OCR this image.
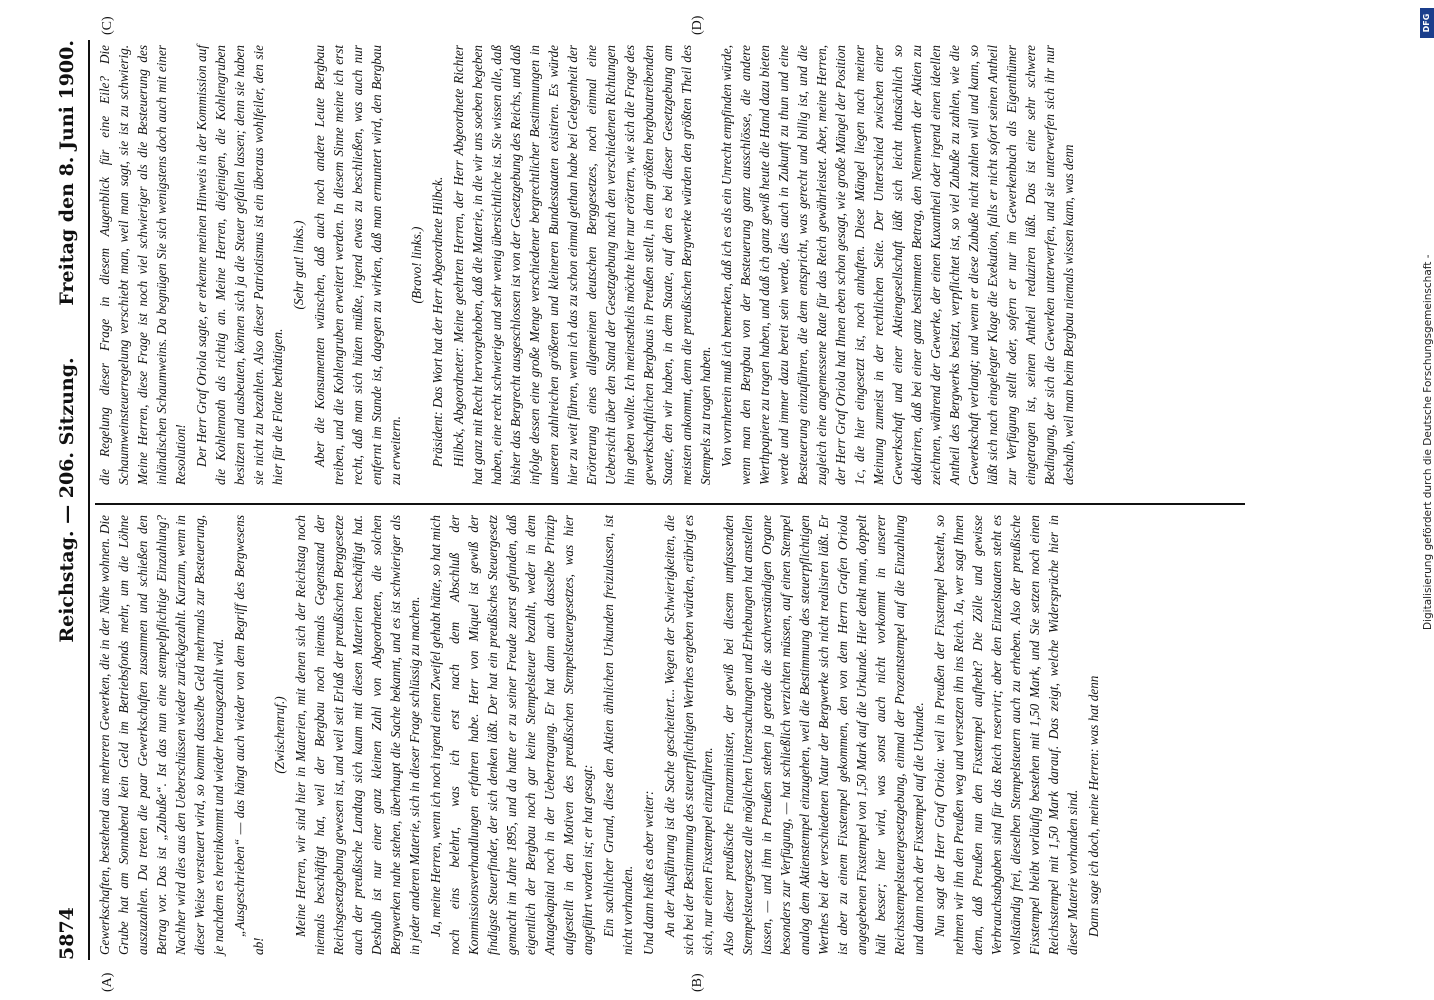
5874
Reichstag. — 206. Sitzung.
Freitag den 8. Juni 1900.
(A)	(B)
(C)	(D)

Gewerkschaften, bestehend aus mehreren Gewerken, die in der Nähe wohnen. Die Grube hat am Sonnabend kein Geld im Betriebsfonds mehr, um die Löhne auszuzahlen. Da treten die paar Gewerkschaften zusammen und schießen den Betrag vor. Das ist „Zubuße“. Ist das nun eine stempelpflichtige Einzahlung? Nachher wird dies aus den Ueberschüssen wieder zurückgezahlt. Kurzum, wenn in dieser Weise versteuert wird, so kommt dasselbe Geld mehrmals zur Besteuerung, je nachdem es hereinkommt und wieder herausgezahlt wird. „Ausgeschrieben“ — das hängt auch wieder von dem Begriff des Bergwesens ab!

(Zwischenruf.) Meine Herren, wir sind hier in Materien, mit denen sich der Reichstag noch niemals beschäftigt hat, weil der Bergbau noch niemals Gegenstand der Reichsgesetzgebung gewesen ist, und weil seit Erlaß der preußischen Berggesetze auch der preußische Landtag sich kaum mit diesen Materien beschäftigt hat. Deshalb ist nur einer ganz kleinen Zahl von Abgeordneten, die solchen Bergwerken nahe stehen, überhaupt die Sache bekannt, und es ist schwieriger als in jeder anderen Materie, sich in dieser Frage schlüssig zu machen. Ja, meine Herren, wenn ich noch irgend einen Zweifel gehabt hätte, so hat mich noch eins belehrt, was ich erst nach dem Abschluß der Kommissionsverhandlungen erfahren habe. Herr von Miquel ist gewiß der findigste Steuerfinder, der sich denken läßt. Der hat ein preußisches Steuergesetz gemacht im Jahre 1895, und da hatte er zu seiner Freude zuerst gefunden, daß eigentlich der Bergbau noch gar keine Stempelsteuer bezahlt, weder in dem Antagekapital noch in der Uebertragung. Er hat dann auch dasselbe Prinzip aufgestellt in den Motiven des preußischen Stempelsteuergesetzes, was hier angeführt worden ist; er hat gesagt: Ein sachlicher Grund, diese den Aktien ähnlichen Urkunden freizulassen, ist nicht vorhanden. Und dann heißt es aber weiter: An der Ausführung ist die Sache gescheitert... Wegen der Schwierigkeiten, die sich bei der Bestimmung des steuerpflichtigen Werthes ergeben würden, erübrigt es sich, nur einen Fixstempel einzuführen. Also dieser preußische Finanzminister, der gewiß bei diesem umfassenden Stempelsteuergesetz alle möglichen Untersuchungen und Erhebungen hat anstellen lassen, — und ihm in Preußen stehen ja gerade die sachverständigen Organe besonders zur Verfügung, — hat schließlich verzichten müssen, auf einen Stempel analog dem Aktienstempel einzugehen, weil die Bestimmung des steuerpflichtigen Werthes bei der verschiedenen Natur der Bergwerke sich nicht realisiren läßt. Er ist aber zu einem Fixstempel gekommen, den von dem Herrn Grafen Oriola angegebenen Fixstempel von 1,50 Mark auf die Urkunde. Hier denkt man, doppelt hält besser; hier wird, was sonst auch nicht vorkommt in unserer Reichsstempelsteuergesetzgebung, einmal der Prozentstempel auf die Einzahlung und dann noch der Fixstempel auf die Urkunde. Nun sagt der Herr Graf Oriola: weil in Preußen der Fixstempel besteht, so nehmen wir ihn den Preußen weg und versetzen ihn ins Reich. Ja, wer sagt Ihnen denn, daß Preußen nun den Fixstempel aufhebt? Die Zölle und gewisse Verbrauchsabgaben sind für das Reich reservirt; aber den Einzelstaaten steht es vollständig frei, dieselben Stempelsteuern auch zu erheben. Also der preußische Fixstempel bleibt vorläufig bestehen mit 1,50 Mark, und Sie setzen noch einen Reichsstempel mit 1,50 Mark darauf. Das zeigt, welche Widersprüche hier in dieser Materie vorhanden sind. Dann sage ich doch, meine Herren: was hat denn

die Regelung dieser Frage in diesem Augenblick für eine Eile? Die Schaumweinsteuerregelung verschiebt man, weil man sagt, sie ist zu schwierig. Meine Herren, diese Frage ist noch viel schwieriger als die Besteuerung des inländischen Schaumweins. Da begnügen Sie sich wenigstens doch auch mit einer Resolution! Der Herr Graf Oriola sagte, er erkenne meinen Hinweis in der Kommission auf die Kohlennoth als richtig an. Meine Herren, diejenigen, die Kohlengruben besitzen und ausbeuten, können sich ja die Steuer gefallen lassen; denn sie haben sie nicht zu bezahlen. Also dieser Patriotismus ist ein überaus wohlfeiler, den sie hier für die Flotte bethätigen.

(Sehr gut! links.) Aber die Konsumenten wünschen, daß auch noch andere Leute Bergbau treiben, und die Kohlengruben erweitert werden. In diesem Sinne meine ich erst recht, daß man sich hüten müßte, irgend etwas zu beschließen, was auch nur entfernt im Stande ist, dagegen zu wirken, daß man ermuntert wird, den Bergbau zu erweitern.

(Bravo! links.) Präsident: Das Wort hat der Herr Abgeordnete Hilbck. Hilbck, Abgeordneter: Meine geehrten Herren, der Herr Abgeordnete Richter hat ganz mit Recht hervorgehoben, daß die Materie, in die wir uns soeben begeben haben, eine recht schwierige und sehr wenig übersichtliche ist. Sie wissen alle, daß bisher das Bergrecht ausgeschlossen ist von der Gesetzgebung des Reichs, und daß infolge dessen eine große Menge verschiedener bergrechtlicher Bestimmungen in unseren zahlreichen größeren und kleineren Bundesstaaten existiren. Es würde hier zu weit führen, wenn ich das zu schon einmal gethan habe bei Gelegenheit der Erörterung eines allgemeinen deutschen Berggesetzes, noch einmal eine Uebersicht über den Stand der Gesetzgebung nach den verschiedenen Richtungen hin geben wollte. Ich meinestheils möchte hier nur erörtern, wie sich die Frage des gewerkschaftlichen Bergbaus in Preußen stellt, in dem größten bergbautreibenden Staate, den wir haben, in dem Staate, auf den es bei dieser Gesetzgebung am meisten ankommt, denn die preußischen Bergwerke würden den größten Theil des Stempels zu tragen haben. Von vornherein muß ich bemerken, daß ich es als ein Unrecht empfinden würde, wenn man den Bergbau von der Besteuerung ganz ausschlösse, die andere Werthpapiere zu tragen haben, und daß ich ganz gewiß heute die Hand dazu bieten werde und immer dazu bereit sein werde, dies auch in Zukunft zu thun und eine Besteuerung einzuführen, die dem entspricht, was gerecht und billig ist, und die zugleich eine angemessene Rate für das Reich gewährleistet. Aber, meine Herren, der Herr Graf Oriola hat Ihnen eben schon gesagt, wie große Mängel der Position 1c, die hier eingesetzt ist, noch anhaften. Diese Mängel liegen nach meiner Meinung zumeist in der rechtlichen Seite. Der Unterschied zwischen einer Gewerkschaft und einer Aktiengesellschaft läßt sich leicht thatsächlich so deklariren, daß bei einer ganz bestimmten Betrag, den Nennwerth der Aktien zu zeichnen, während der Gewerke, der einen Kuxantheil oder irgend einen ideellen Antheil des Bergwerks besitzt, verpflichtet ist, so viel Zubuße zu zahlen, wie die Gewerkschaft verlangt; und wenn er diese Zubuße nicht zahlen will und kann, so läßt sich nach eingelegter Klage die Exekution, falls er nicht sofort seinen Antheil zur Verfügung stellt oder, sofern er nur im Gewerkenbuch als Eigenthümer eingetragen ist, seinen Antheil reduziren läßt. Das ist eine sehr schwere Bedingung, der sich die Gewerken unterwerfen, und sie unterwerfen sich ihr nur deshalb, weil man beim Bergbau niemals wissen kann, was denn

DFG
Digitalisierung gefördert durch die Deutsche Forschungsgemeinschaft -
